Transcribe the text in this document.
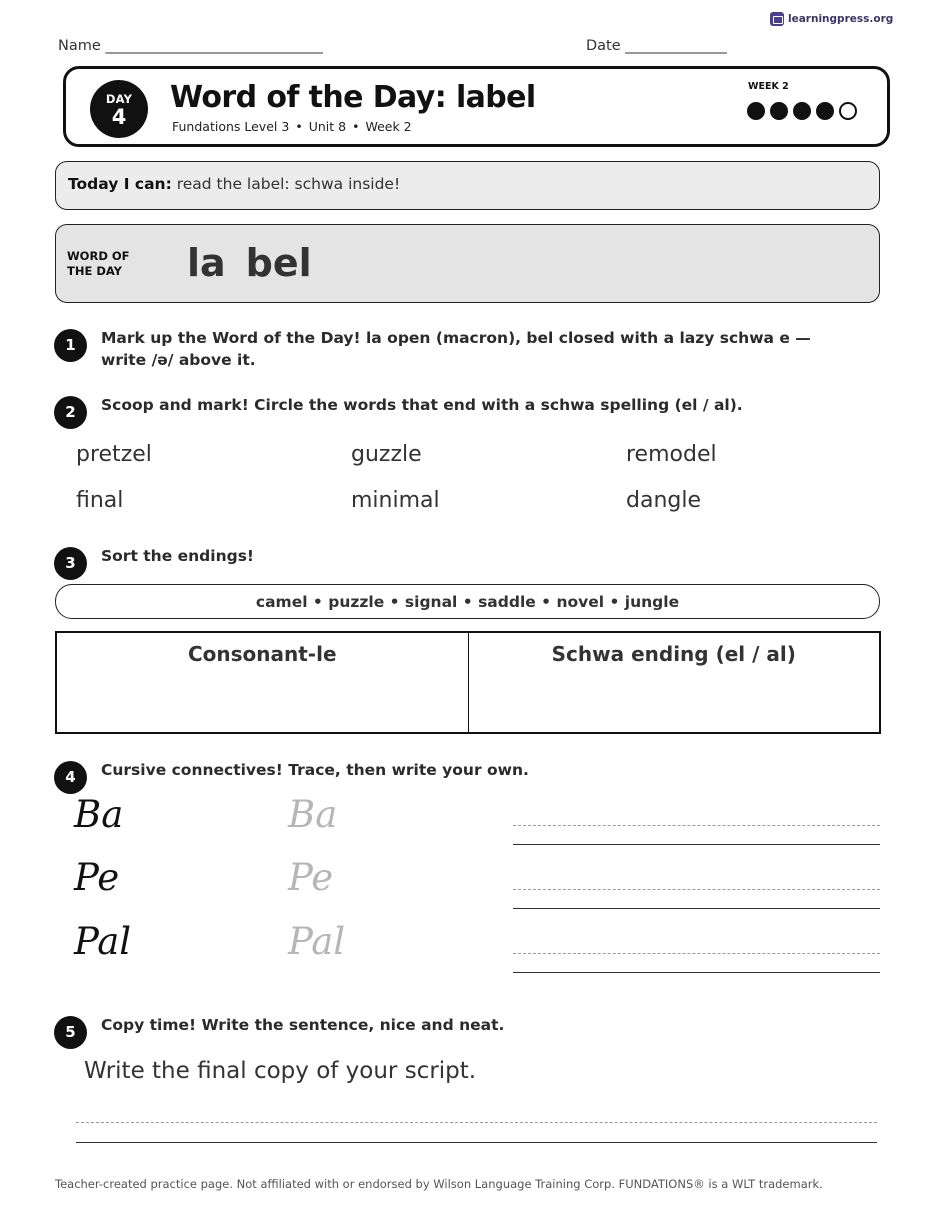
learningpress.org
Name ______________________________	Date ______________
DAY
4
Word of the Day: label
Fundations Level 3 • Unit 8 • Week 2
WEEK 2
Today I can: read the label: schwa inside!
WORD OF
THE DAY	la bel
1	Mark up the Word of the Day! la open (macron), bel closed with a lazy schwa e —
write /ə/ above it.
2	Scoop and mark! Circle the words that end with a schwa spelling (el / al).
pretzel	guzzle	remodel
final	minimal	dangle
3	Sort the endings!
camel • puzzle • signal • saddle • novel • jungle
Consonant-le	Schwa ending (el / al)
4	Cursive connectives! Trace, then write your own.
Ba	Ba
Pe	Pe
Pal	Pal
5	Copy time! Write the sentence, nice and neat.
Write the final copy of your script.
Teacher-created practice page. Not affiliated with or endorsed by Wilson Language Training Corp. FUNDATIONS® is a WLT trademark.
